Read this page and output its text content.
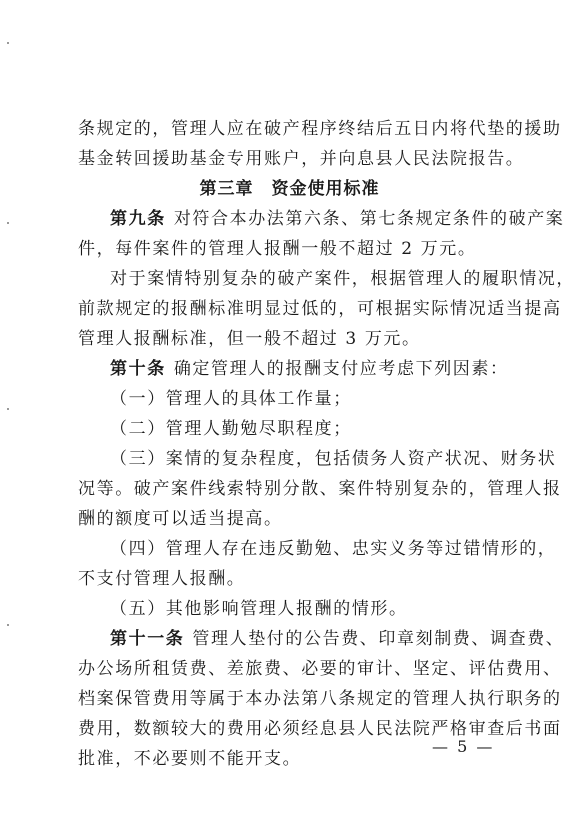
条规定的，管理人应在破产程序终结后五日内将代垫的援助
基金转回援助基金专用账户，并向息县人民法院报告。
第三章 资金使用标准
第九条 对符合本办法第六条、第七条规定条件的破产案
件，每件案件的管理人报酬一般不超过 2 万元。
对于案情特别复杂的破产案件，根据管理人的履职情况，
前款规定的报酬标准明显过低的，可根据实际情况适当提高
管理人报酬标准，但一般不超过 3 万元。
第十条 确定管理人的报酬支付应考虑下列因素：
（一）管理人的具体工作量；
（二）管理人勤勉尽职程度；
（三）案情的复杂程度，包括债务人资产状况、财务状
况等。破产案件线索特别分散、案件特别复杂的，管理人报
酬的额度可以适当提高。
（四）管理人存在违反勤勉、忠实义务等过错情形的，
不支付管理人报酬。
（五）其他影响管理人报酬的情形。
第十一条 管理人垫付的公告费、印章刻制费、调查费、
办公场所租赁费、差旅费、必要的审计、坚定、评估费用、
档案保管费用等属于本办法第八条规定的管理人执行职务的
费用，数额较大的费用必须经息县人民法院严格审查后书面
批准，不必要则不能开支。
— 5 —
